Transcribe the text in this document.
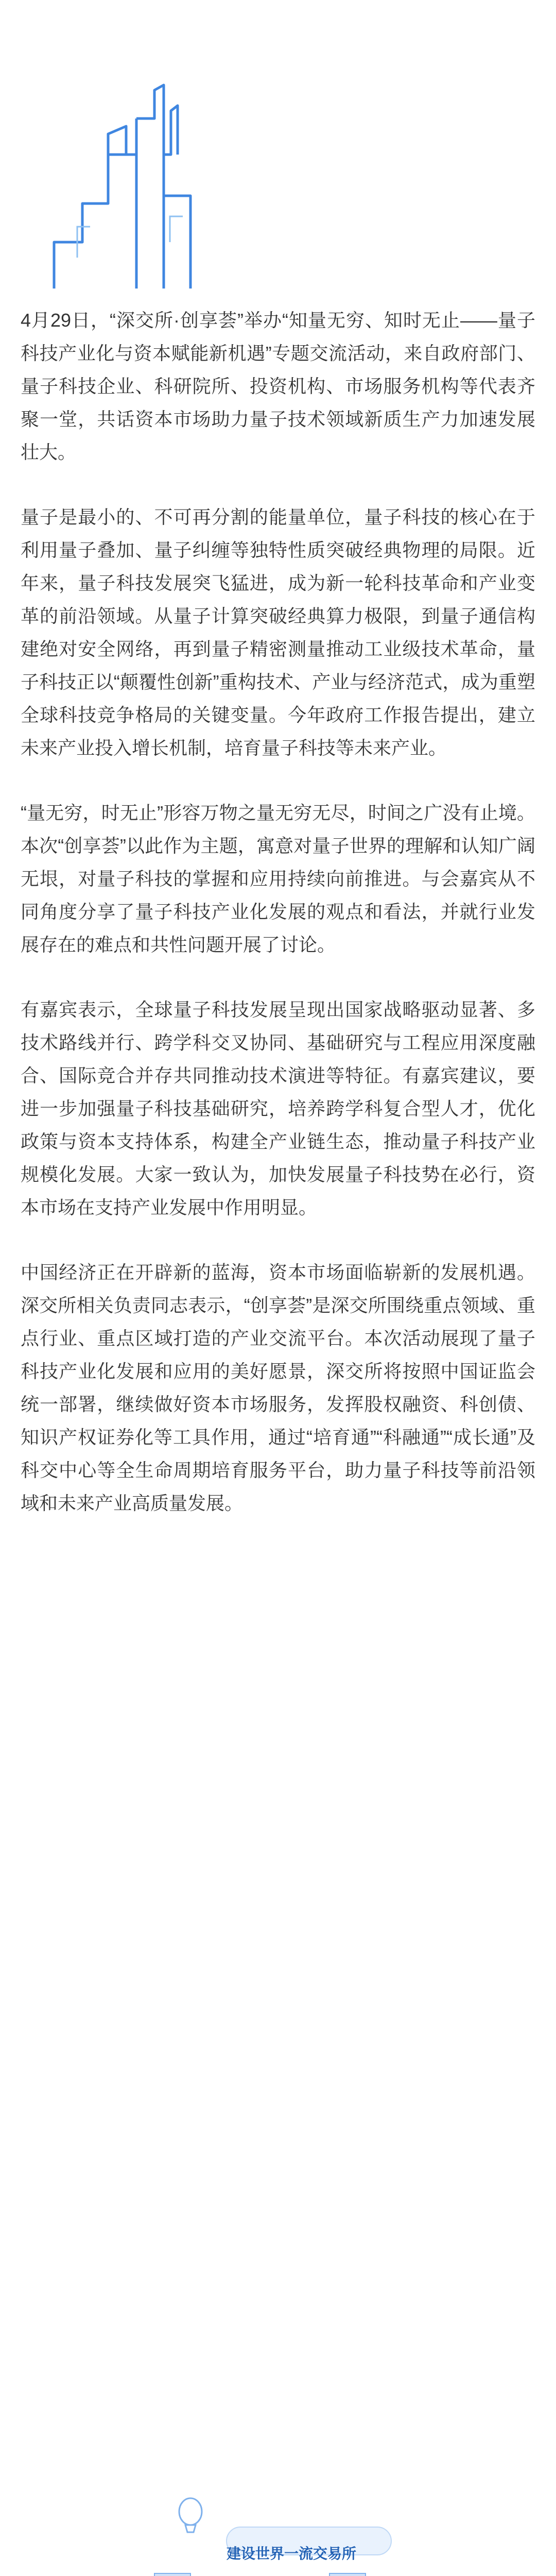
4月29日，“深交所·创享荟”举办“知量无穷、知时无止——量子科技产业化与资本赋能新机遇”专题交流活动，来自政府部门、量子科技企业、科研院所、投资机构、市场服务机构等代表齐聚一堂，共话资本市场助力量子技术领域新质生产力加速发展壮大。

量子是最小的、不可再分割的能量单位，量子科技的核心在于利用量子叠加、量子纠缠等独特性质突破经典物理的局限。近年来，量子科技发展突飞猛进，成为新一轮科技革命和产业变革的前沿领域。从量子计算突破经典算力极限，到量子通信构建绝对安全网络，再到量子精密测量推动工业级技术革命，量子科技正以“颠覆性创新”重构技术、产业与经济范式，成为重塑全球科技竞争格局的关键变量。今年政府工作报告提出，建立未来产业投入增长机制，培育量子科技等未来产业。

“量无穷，时无止”形容万物之量无穷无尽，时间之广没有止境。本次“创享荟”以此作为主题，寓意对量子世界的理解和认知广阔无垠，对量子科技的掌握和应用持续向前推进。与会嘉宾从不同角度分享了量子科技产业化发展的观点和看法，并就行业发展存在的难点和共性问题开展了讨论。

有嘉宾表示，全球量子科技发展呈现出国家战略驱动显著、多技术路线并行、跨学科交叉协同、基础研究与工程应用深度融合、国际竞合并存共同推动技术演进等特征。有嘉宾建议，要进一步加强量子科技基础研究，培养跨学科复合型人才，优化政策与资本支持体系，构建全产业链生态，推动量子科技产业规模化发展。大家一致认为，加快发展量子科技势在必行，资本市场在支持产业发展中作用明显。

中国经济正在开辟新的蓝海，资本市场面临崭新的发展机遇。深交所相关负责同志表示，“创享荟”是深交所围绕重点领域、重点行业、重点区域打造的产业交流平台。本次活动展现了量子科技产业化发展和应用的美好愿景，深交所将按照中国证监会统一部署，继续做好资本市场服务，发挥股权融资、科创债、知识产权证券化等工具作用，通过“培育通”“科融通”“成长通”及科交中心等全生命周期培育服务平台，助力量子科技等前沿领域和未来产业高质量发展。

建设世界一流交易所
